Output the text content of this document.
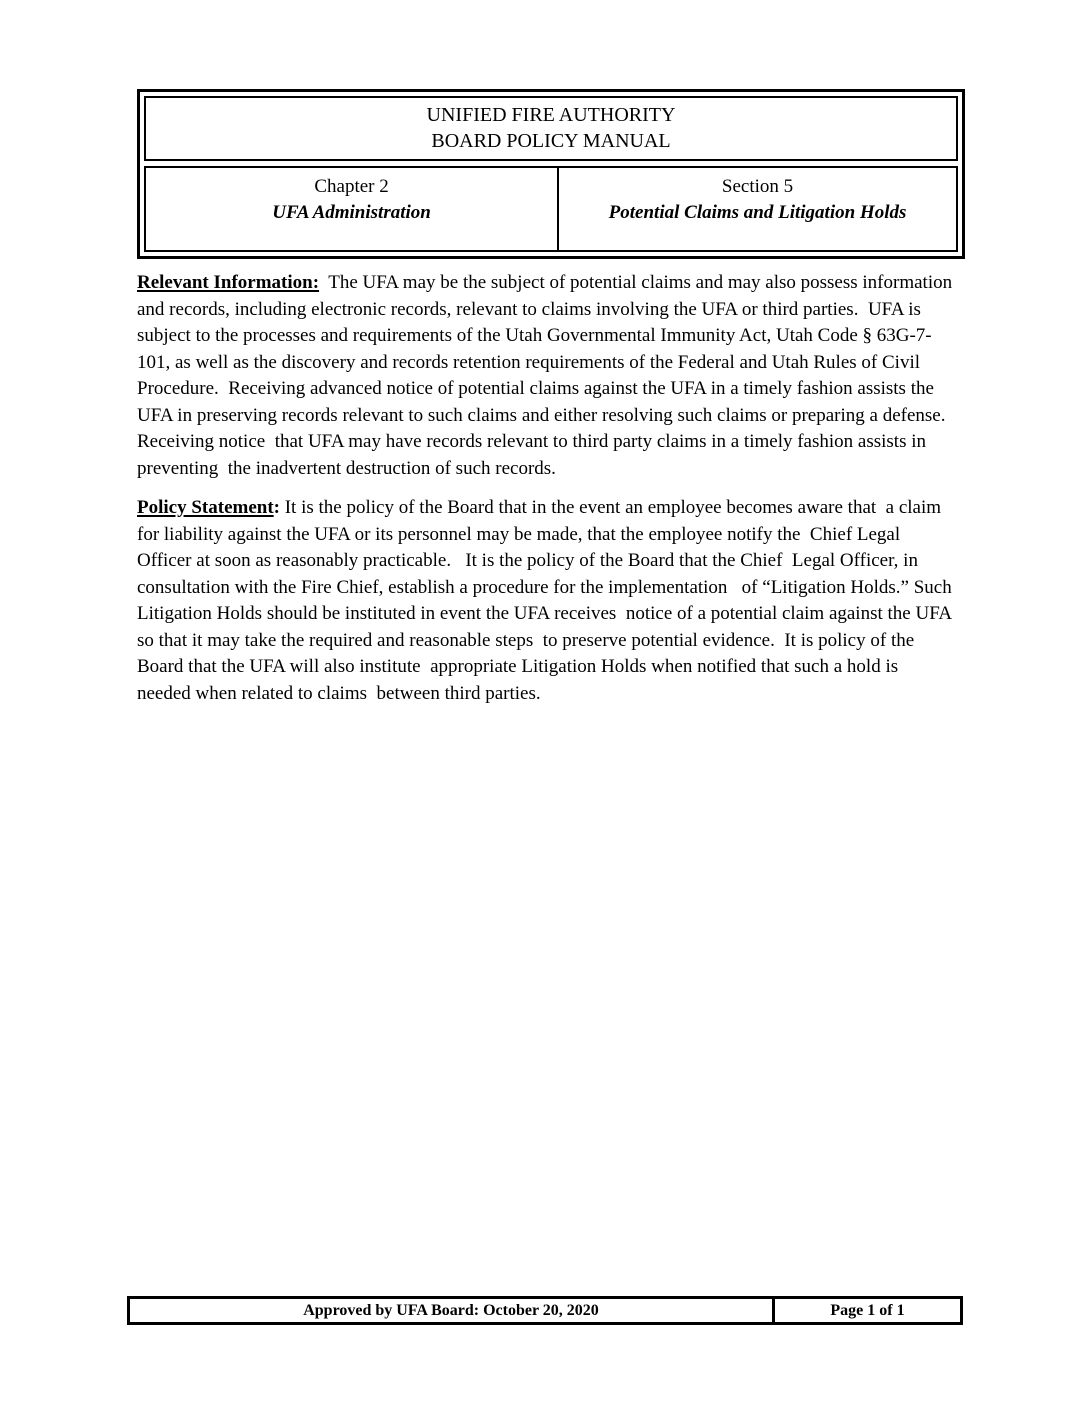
UNIFIED FIRE AUTHORITY
BOARD POLICY MANUAL
Chapter 2
UFA Administration
Section 5
Potential Claims and Litigation Holds

Relevant Information:  The UFA may be the subject of potential claims and may also possess information and records, including electronic records, relevant to claims involving the UFA or third parties.  UFA is subject to the processes and requirements of the Utah Governmental Immunity Act, Utah Code § 63G-7-101, as well as the discovery and records retention requirements of the Federal and Utah Rules of Civil Procedure.  Receiving advanced notice of potential claims against the UFA in a timely fashion assists the UFA in preserving records relevant to such claims and either resolving such claims or preparing a defense.  Receiving notice  that UFA may have records relevant to third party claims in a timely fashion assists in preventing  the inadvertent destruction of such records.

Policy Statement: It is the policy of the Board that in the event an employee becomes aware that  a claim for liability against the UFA or its personnel may be made, that the employee notify the  Chief Legal Officer at soon as reasonably practicable.   It is the policy of the Board that the Chief  Legal Officer, in consultation with the Fire Chief, establish a procedure for the implementation   of “Litigation Holds.” Such Litigation Holds should be instituted in event the UFA receives  notice of a potential claim against the UFA so that it may take the required and reasonable steps  to preserve potential evidence.  It is policy of the Board that the UFA will also institute  appropriate Litigation Holds when notified that such a hold is needed when related to claims  between third parties.

Approved by UFA Board: October 20, 2020	Page 1 of 1
